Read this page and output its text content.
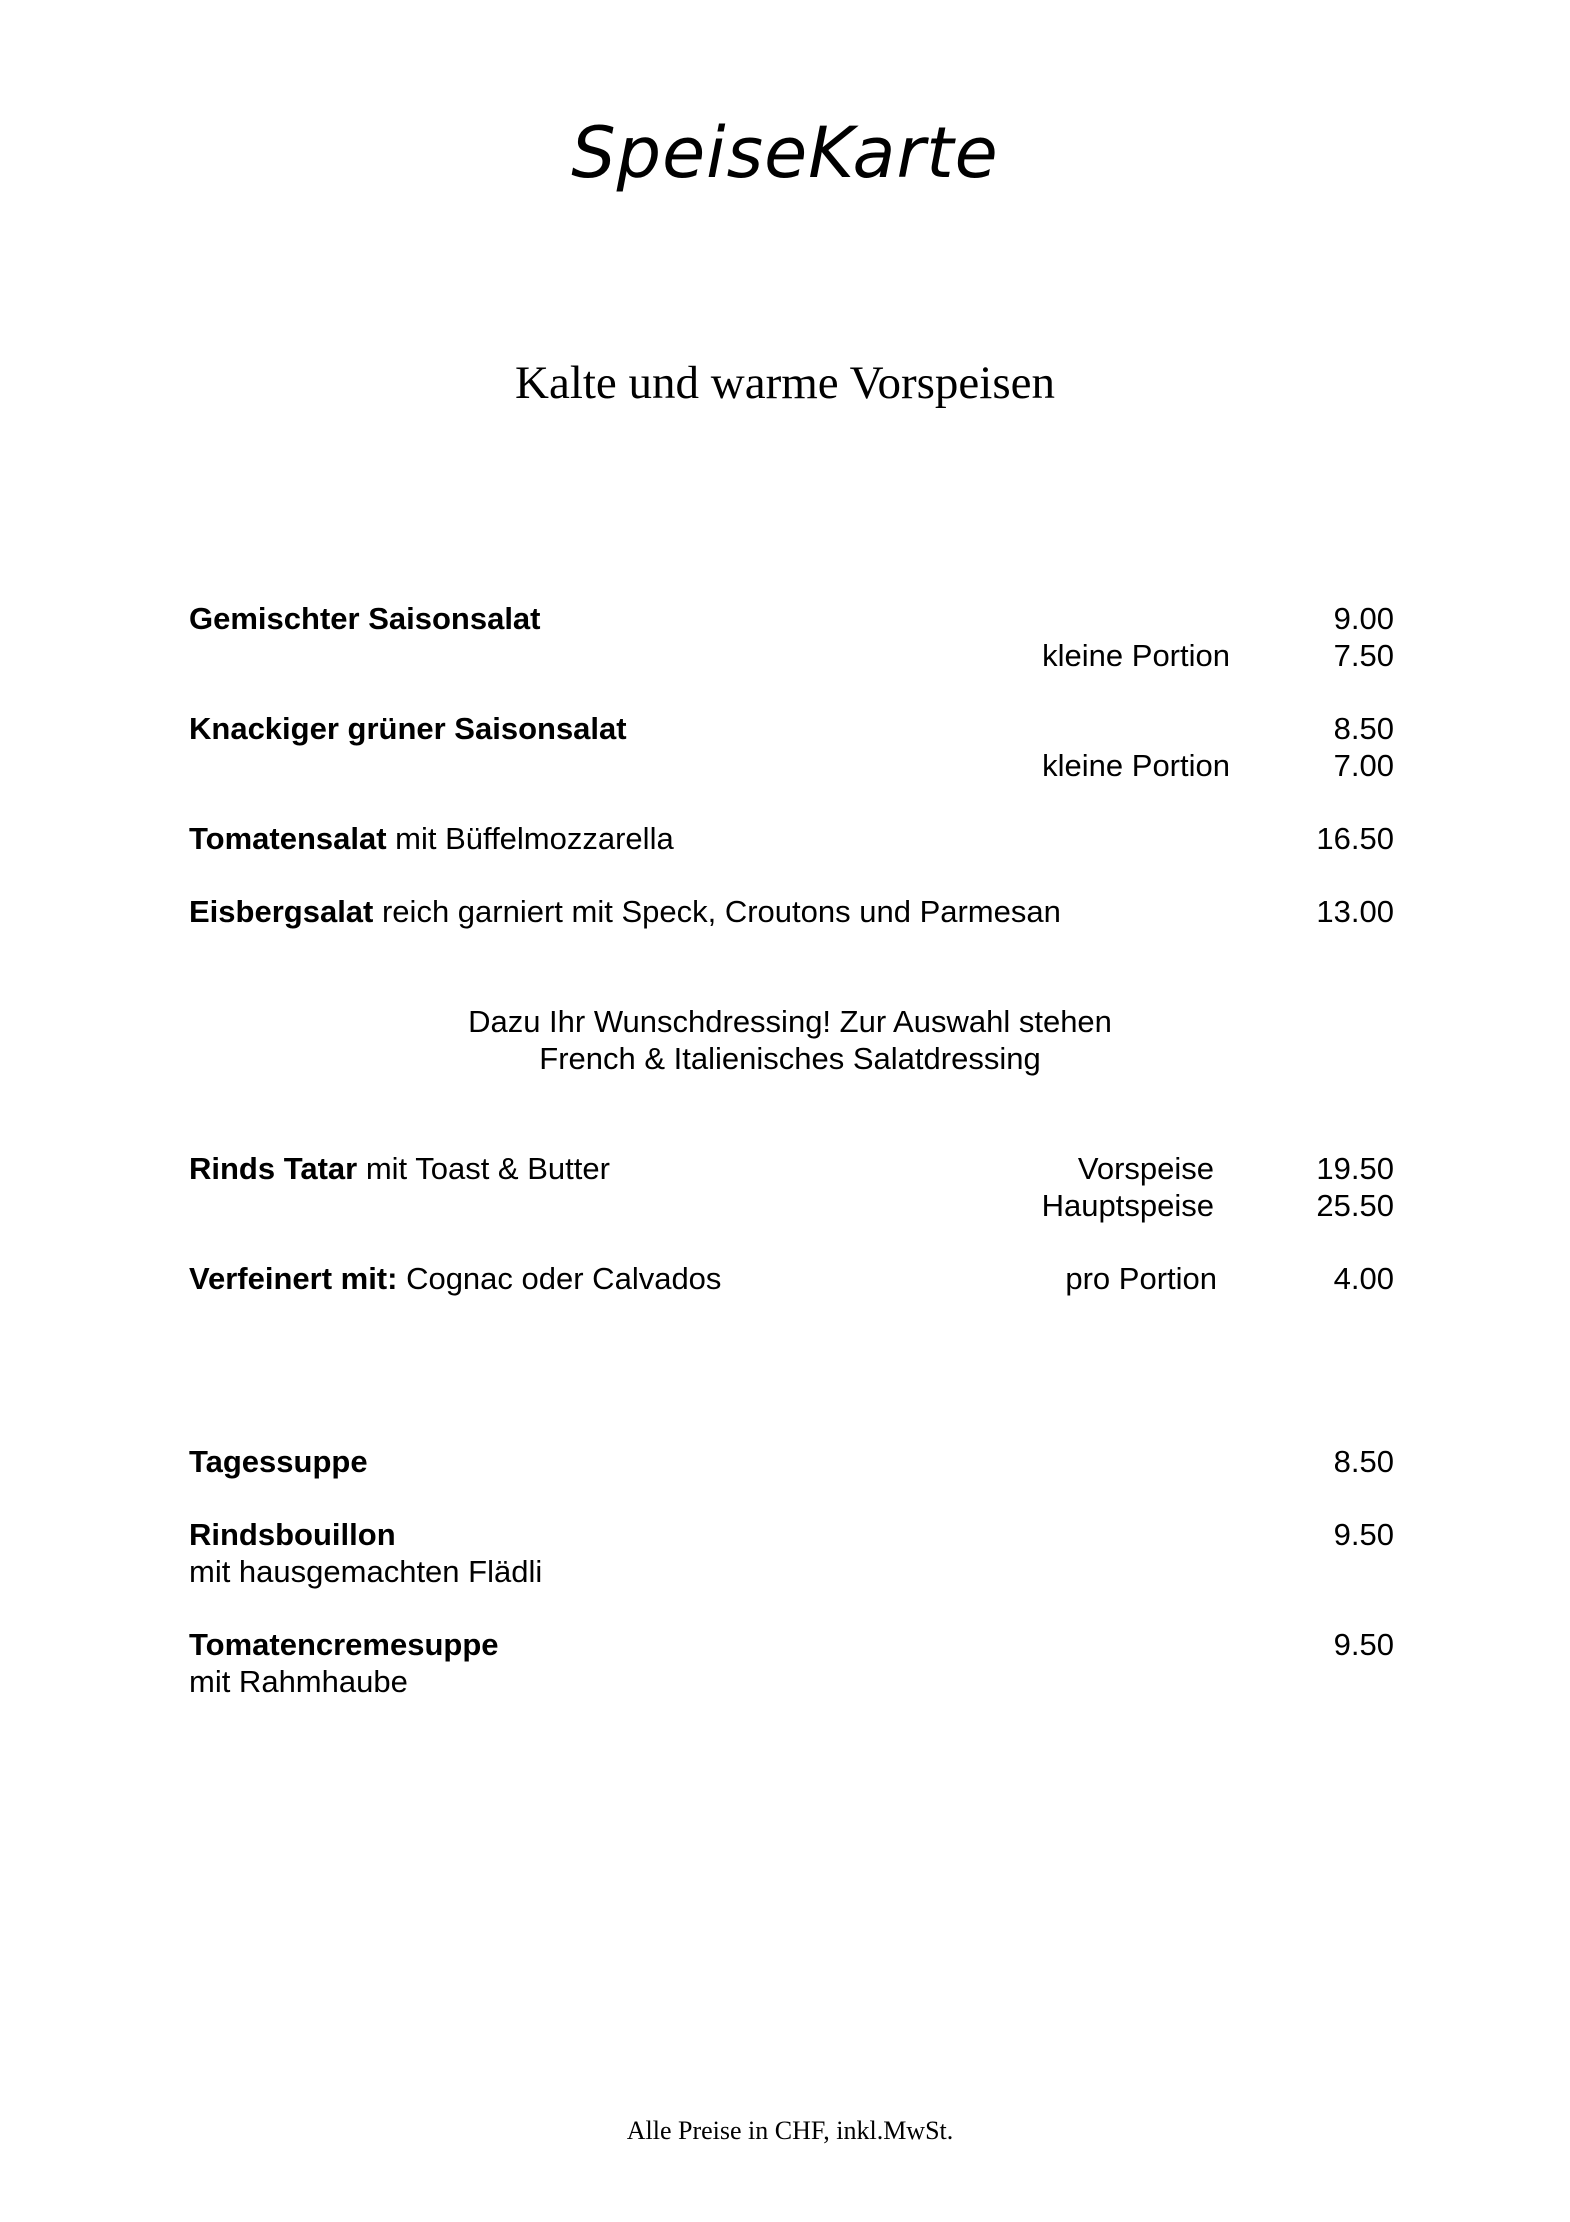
SpeiseKarte
Kalte und warme Vorspeisen
Gemischter Saisonsalat	9.00
kleine Portion	7.50
Knackiger grüner Saisonsalat	8.50
kleine Portion	7.00
Tomatensalat mit Büffelmozzarella	16.50
Eisbergsalat reich garniert mit Speck, Croutons und Parmesan	13.00
Dazu Ihr Wunschdressing! Zur Auswahl stehen
French & Italienisches Salatdressing
Rinds Tatar mit Toast & Butter	Vorspeise	19.50
Hauptspeise	25.50
Verfeinert mit: Cognac oder Calvados	pro Portion	4.00
Tagessuppe	8.50
Rindsbouillon	9.50
mit hausgemachten Flädli
Tomatencremesuppe	9.50
mit Rahmhaube
Alle Preise in CHF, inkl.MwSt.
